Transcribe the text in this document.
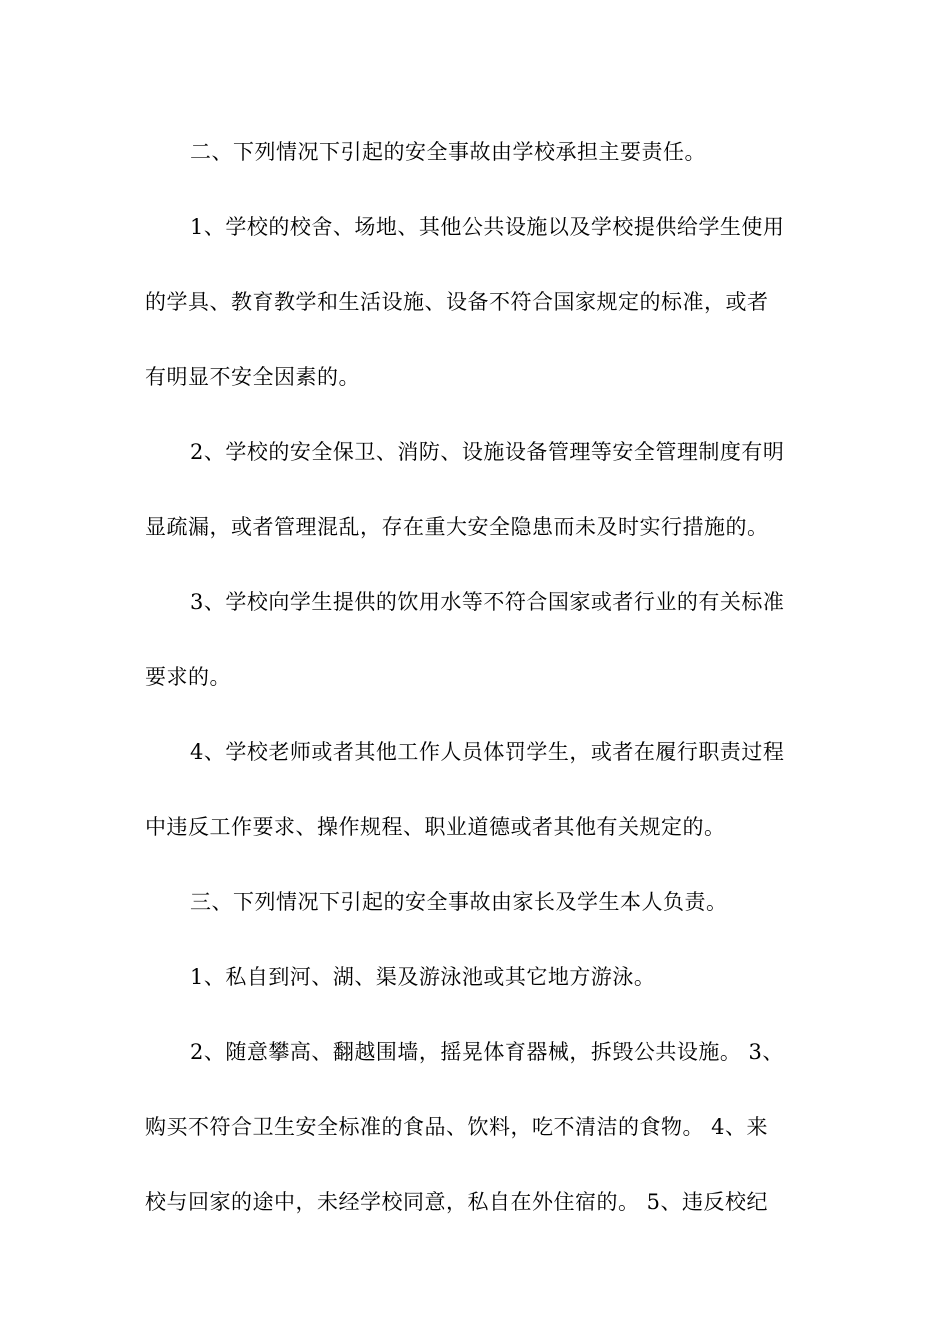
二、下列情况下引起的安全事故由学校承担主要责任。
1、学校的校舍、场地、其他公共设施以及学校提供给学生使用
的学具、教育教学和生活设施、设备不符合国家规定的标准，或者
有明显不安全因素的。
2、学校的安全保卫、消防、设施设备管理等安全管理制度有明
显疏漏，或者管理混乱，存在重大安全隐患而未及时实行措施的。
3、学校向学生提供的饮用水等不符合国家或者行业的有关标准
要求的。
4、学校老师或者其他工作人员体罚学生，或者在履行职责过程
中违反工作要求、操作规程、职业道德或者其他有关规定的。
三、下列情况下引起的安全事故由家长及学生本人负责。
1、私自到河、湖、渠及游泳池或其它地方游泳。
2、随意攀高、翻越围墙，摇晃体育器械，拆毁公共设施。 3、
购买不符合卫生安全标准的食品、饮料，吃不清洁的食物。 4、来
校与回家的途中，未经学校同意，私自在外住宿的。 5、违反校纪
